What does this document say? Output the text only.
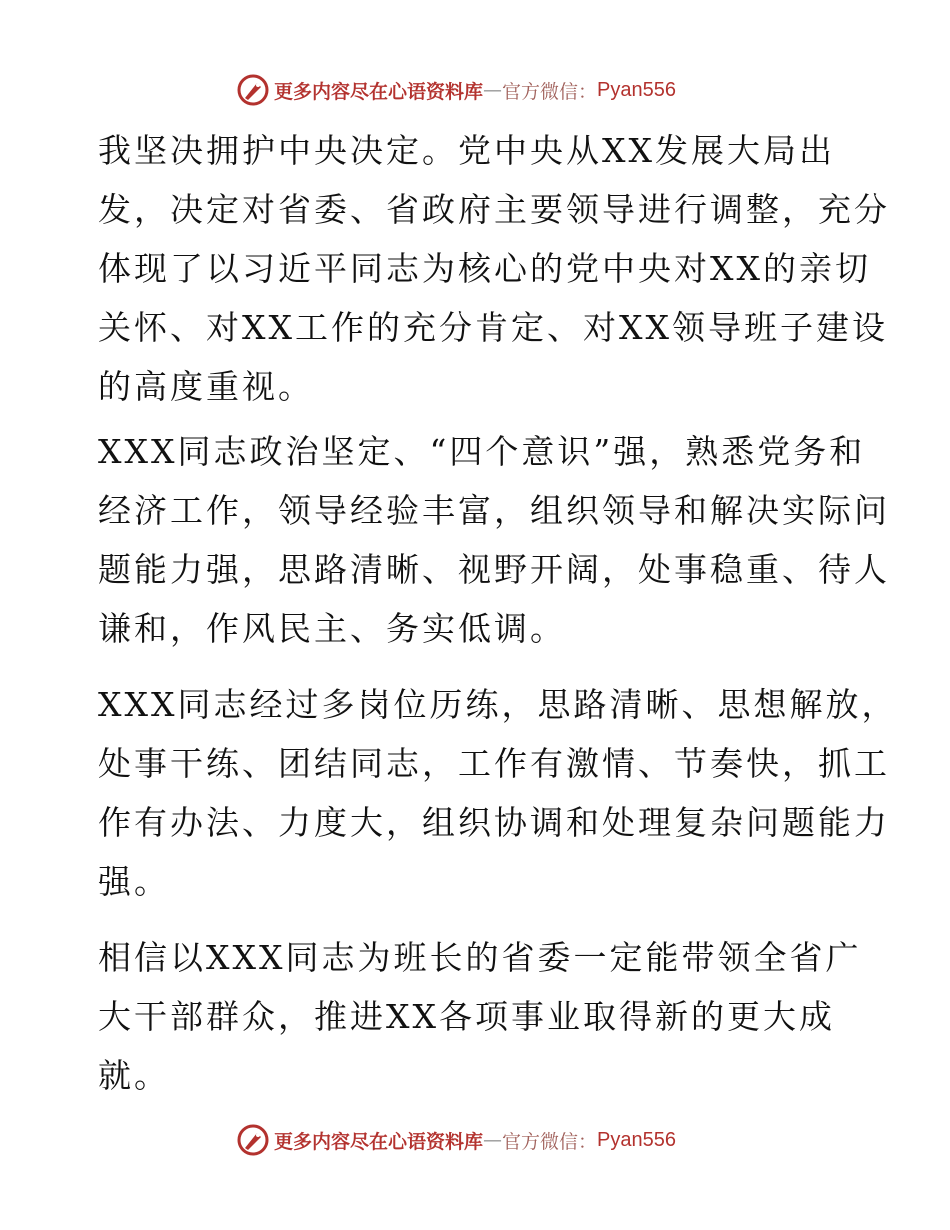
更多内容尽在心语资料库 — 官方微信： Pyan556
我坚决拥护中央决定。党中央从XX发展大局出
发，决定对省委、省政府主要领导进行调整，充分
体现了以习近平同志为核心的党中央对XX的亲切
关怀、对XX工作的充分肯定、对XX领导班子建设
的高度重视。
XXX同志政治坚定、“四个意识”强，熟悉党务和
经济工作，领导经验丰富，组织领导和解决实际问
题能力强，思路清晰、视野开阔，处事稳重、待人
谦和，作风民主、务实低调。
XXX同志经过多岗位历练，思路清晰、思想解放，
处事干练、团结同志，工作有激情、节奏快，抓工
作有办法、力度大，组织协调和处理复杂问题能力
强。
相信以XXX同志为班长的省委一定能带领全省广
大干部群众，推进XX各项事业取得新的更大成
就。
更多内容尽在心语资料库 — 官方微信： Pyan556
